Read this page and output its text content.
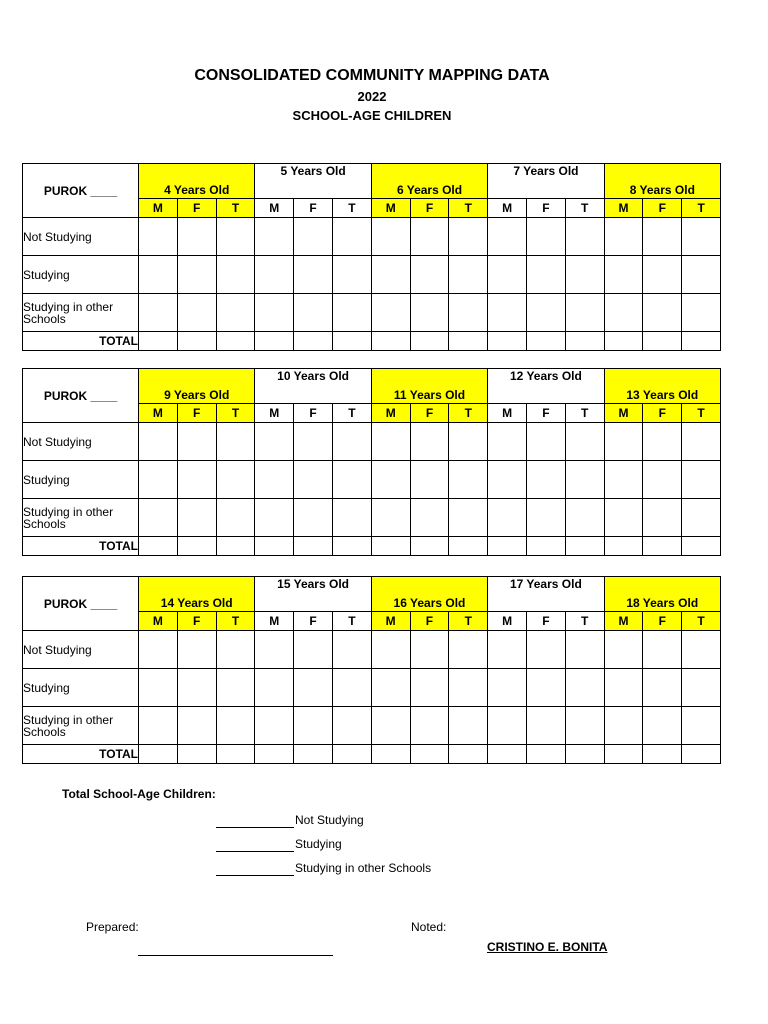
CONSOLIDATED COMMUNITY MAPPING DATA
2022
SCHOOL-AGE CHILDREN
PUROK ____	4 Years Old			5 Years Old			6 Years Old			7 Years Old			8 Years Old		
	M	F	T	M	F	T	M	F	T	M	F	T	M	F	T
Not Studying															
Studying															
Studying in other Schools															
TOTAL															
PUROK ____	9 Years Old			10 Years Old			11 Years Old			12 Years Old			13 Years Old		
	M	F	T	M	F	T	M	F	T	M	F	T	M	F	T
Not Studying															
Studying															
Studying in other Schools															
TOTAL															
PUROK ____	14 Years Old			15 Years Old			16 Years Old			17 Years Old			18 Years Old		
	M	F	T	M	F	T	M	F	T	M	F	T	M	F	T
Not Studying															
Studying															
Studying in other Schools															
TOTAL															
Total School-Age Children:
Not Studying
Studying
Studying in other Schools
Prepared:	Noted:
CRISTINO E. BONITA
